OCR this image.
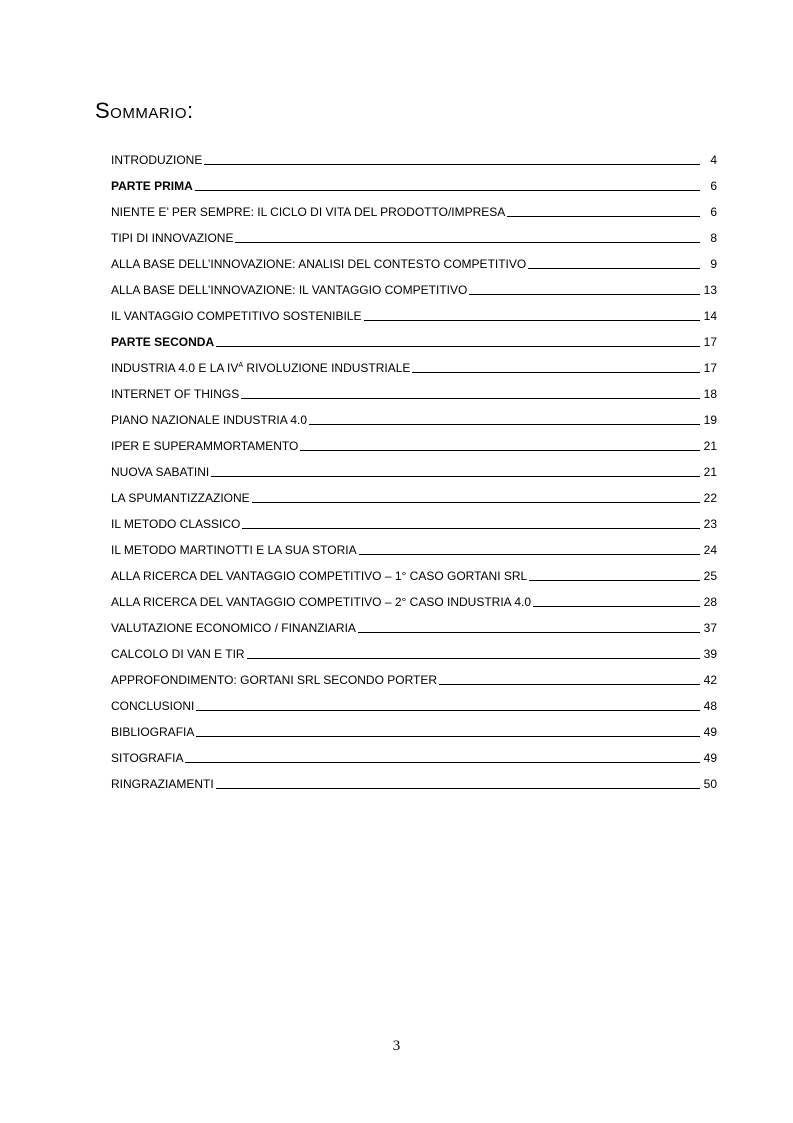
Sommario:
INTRODUZIONE	4
PARTE PRIMA	6
NIENTE E’ PER SEMPRE: IL CICLO DI VITA DEL PRODOTTO/IMPRESA	6
TIPI DI INNOVAZIONE	8
ALLA BASE DELL’INNOVAZIONE: ANALISI DEL CONTESTO COMPETITIVO	9
ALLA BASE DELL’INNOVAZIONE: IL VANTAGGIO COMPETITIVO	13
IL VANTAGGIO COMPETITIVO SOSTENIBILE	14
PARTE SECONDA	17
INDUSTRIA 4.0 E LA $IV^A$ RIVOLUZIONE INDUSTRIALE	17
INTERNET OF THINGS	18
PIANO NAZIONALE INDUSTRIA 4.0	19
IPER E SUPERAMMORTAMENTO	21
NUOVA SABATINI	21
LA SPUMANTIZZAZIONE	22
IL METODO CLASSICO	23
IL METODO MARTINOTTI E LA SUA STORIA	24
ALLA RICERCA DEL VANTAGGIO COMPETITIVO – 1° CASO GORTANI SRL	25
ALLA RICERCA DEL VANTAGGIO COMPETITIVO – 2° CASO INDUSTRIA 4.0	28
VALUTAZIONE ECONOMICO / FINANZIARIA	37
CALCOLO DI VAN E TIR	39
APPROFONDIMENTO: GORTANI SRL SECONDO PORTER	42
CONCLUSIONI	48
BIBLIOGRAFIA	49
SITOGRAFIA	49
RINGRAZIAMENTI	50
3
